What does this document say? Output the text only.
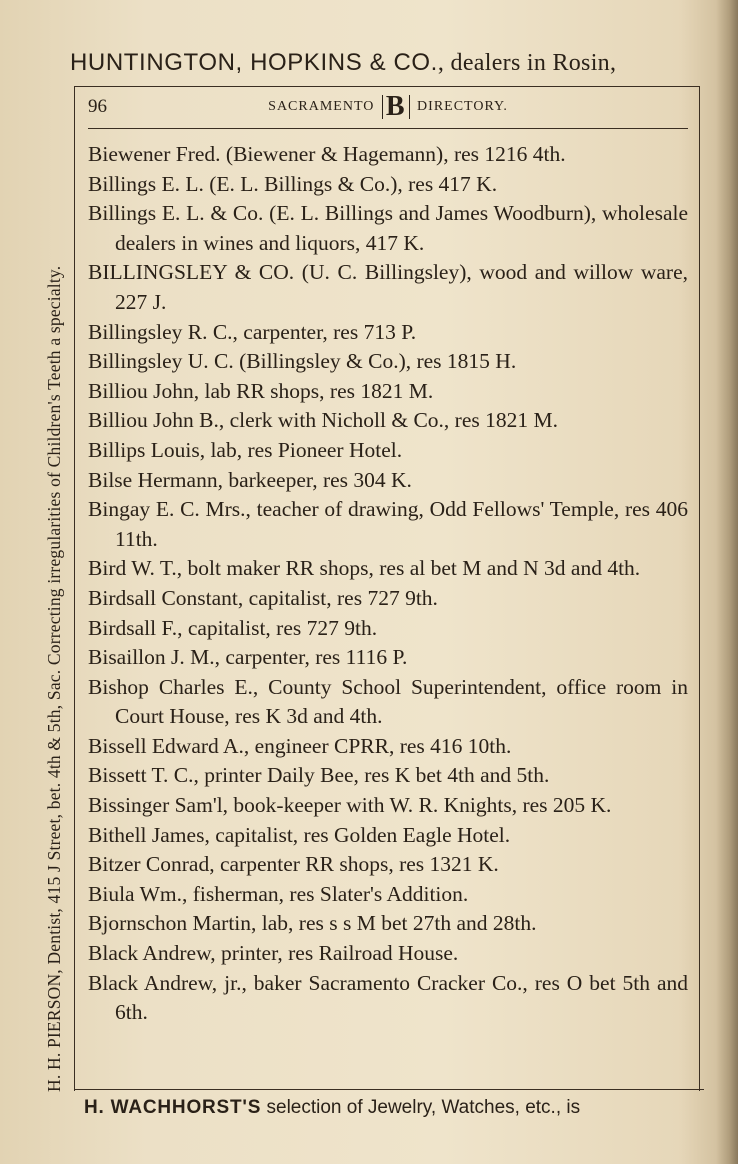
HUNTINGTON, HOPKINS & CO., dealers in Rosin,
H. H. PIERSON, Dentist, 415 J Street, bet. 4th & 5th, Sac. Correcting irregularities of Children's Teeth a specialty.
96	SACRAMENTO B DIRECTORY.
Biewener Fred. (Biewener & Hagemann), res 1216 4th.
Billings E. L. (E. L. Billings & Co.), res 417 K.
Billings E. L. & Co. (E. L. Billings and James Woodburn), wholesale dealers in wines and liquors, 417 K.
BILLINGSLEY & CO. (U. C. Billingsley), wood and willow ware, 227 J.
Billingsley R. C., carpenter, res 713 P.
Billingsley U. C. (Billingsley & Co.), res 1815 H.
Billiou John, lab RR shops, res 1821 M.
Billiou John B., clerk with Nicholl & Co., res 1821 M.
Billips Louis, lab, res Pioneer Hotel.
Bilse Hermann, barkeeper, res 304 K.
Bingay E. C. Mrs., teacher of drawing, Odd Fellows' Temple, res 406 11th.
Bird W. T., bolt maker RR shops, res al bet M and N 3d and 4th.
Birdsall Constant, capitalist, res 727 9th.
Birdsall F., capitalist, res 727 9th.
Bisaillon J. M., carpenter, res 1116 P.
Bishop Charles E., County School Superintendent, office room in Court House, res K 3d and 4th.
Bissell Edward A., engineer CPRR, res 416 10th.
Bissett T. C., printer Daily Bee, res K bet 4th and 5th.
Bissinger Sam'l, book-keeper with W. R. Knights, res 205 K.
Bithell James, capitalist, res Golden Eagle Hotel.
Bitzer Conrad, carpenter RR shops, res 1321 K.
Biula Wm., fisherman, res Slater's Addition.
Bjornschon Martin, lab, res s s M bet 27th and 28th.
Black Andrew, printer, res Railroad House.
Black Andrew, jr., baker Sacramento Cracker Co., res O bet 5th and 6th.
H. WACHHORST'S selection of Jewelry, Watches, etc., is
